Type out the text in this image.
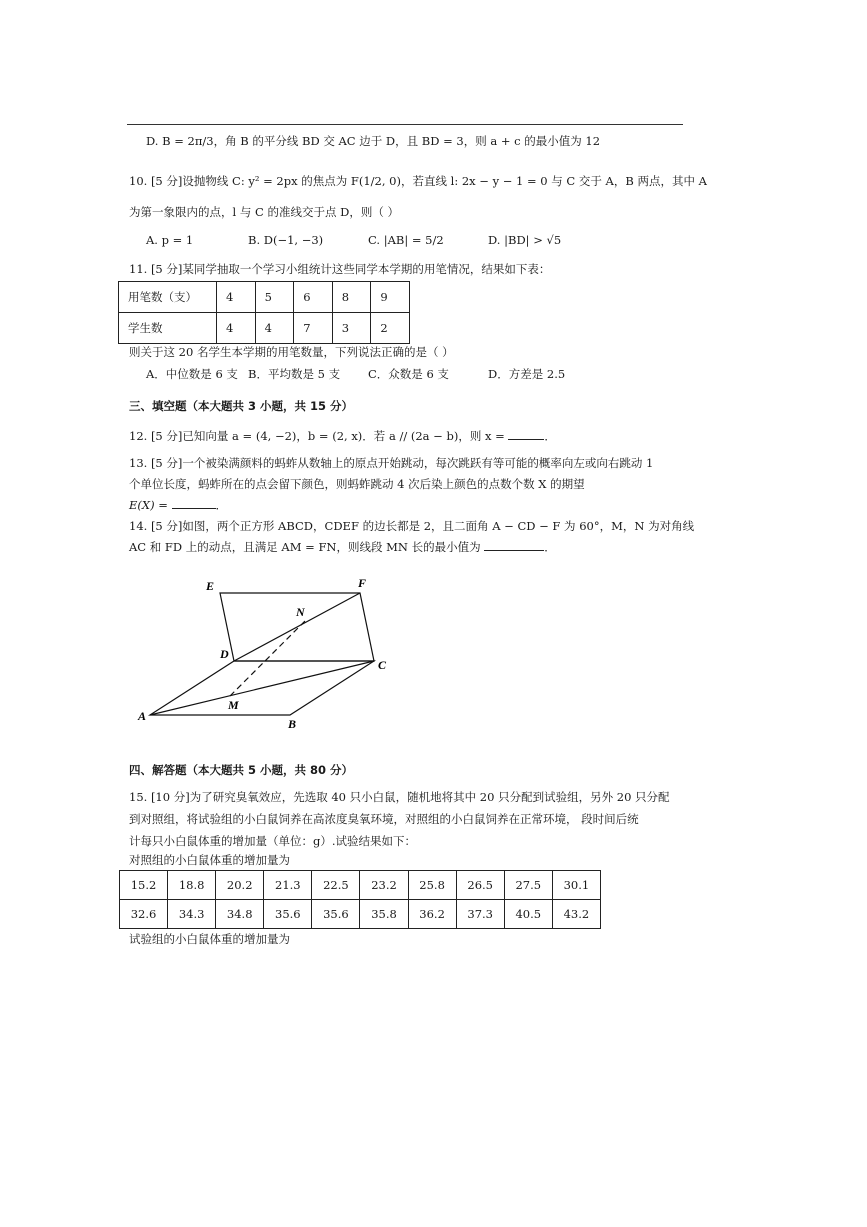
D. B = 2π/3，角 B 的平分线 BD 交 AC 边于 D，且 BD = 3，则 a + c 的最小值为 12
10. [5 分]设抛物线 C: y² = 2px 的焦点为 F(1/2, 0)，若直线 l: 2x − y − 1 = 0 与 C 交于 A，B 两点，其中 A
为第一象限内的点，l 与 C 的准线交于点 D，则（ ）
A. p = 1	B. D(−1, −3)	C. |AB| = 5/2	D. |BD| > √5
11. [5 分]某同学抽取一个学习小组统计这些同学本学期的用笔情况，结果如下表：
用笔数（支）	4	5	6	8	9
学生数	4	4	7	3	2
则关于这 20 名学生本学期的用笔数量，下列说法正确的是（ ）
A．中位数是 6 支 B．平均数是 5 支 C．众数是 6 支	D．方差是 2.5
三、填空题（本大题共 3 小题，共 15 分）
12. [5 分]已知向量 a = (4, −2)，b = (2, x)．若 a // (2a − b)，则 x =	．
13. [5 分]一个被染满颜料的蚂蚱从数轴上的原点开始跳动，每次跳跃有等可能的概率向左或向右跳动 1
个单位长度，蚂蚱所在的点会留下颜色，则蚂蚱跳动 4 次后染上颜色的点数个数 X 的期望
E(X) =	．
14. [5 分]如图，两个正方形 ABCD，CDEF 的边长都是 2，且二面角 A − CD − F 为 60°，M，N 为对角线
AC 和 FD 上的动点，且满足 AM = FN，则线段 MN 长的最小值为	．
E	F
N
D
C
A
M
B
四、解答题（本大题共 5 小题，共 80 分）
15. [10 分]为了研究臭氧效应，先选取 40 只小白鼠，随机地将其中 20 只分配到试验组，另外 20 只分配
到对照组，将试验组的小白鼠饲养在高浓度臭氧环境，对照组的小白鼠饲养在正常环境， 段时间后统
计每只小白鼠体重的增加量（单位：g）.试验结果如下：
对照组的小白鼠体重的增加量为
15.2	18.8	20.2	21.3	22.5	23.2	25.8	26.5	27.5	30.1
32.6	34.3	34.8	35.6	35.6	35.8	36.2	37.3	40.5	43.2
试验组的小白鼠体重的增加量为
